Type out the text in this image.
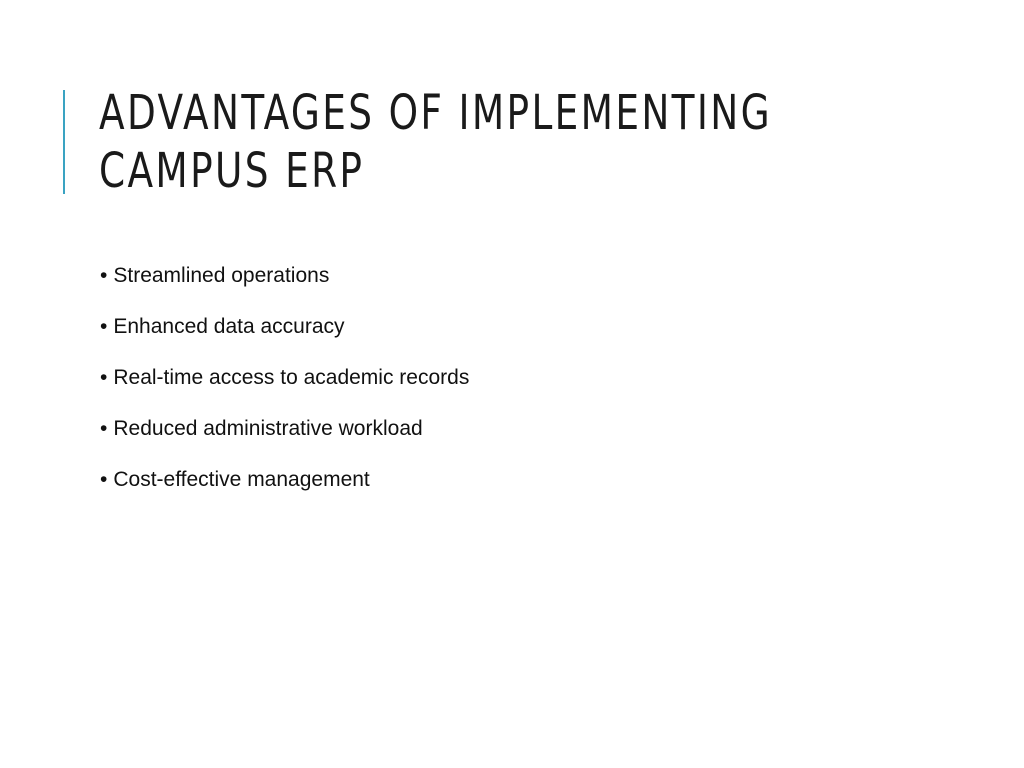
ADVANTAGES OF IMPLEMENTING CAMPUS ERP
• Streamlined operations
• Enhanced data accuracy
• Real-time access to academic records
• Reduced administrative workload
• Cost-effective management
